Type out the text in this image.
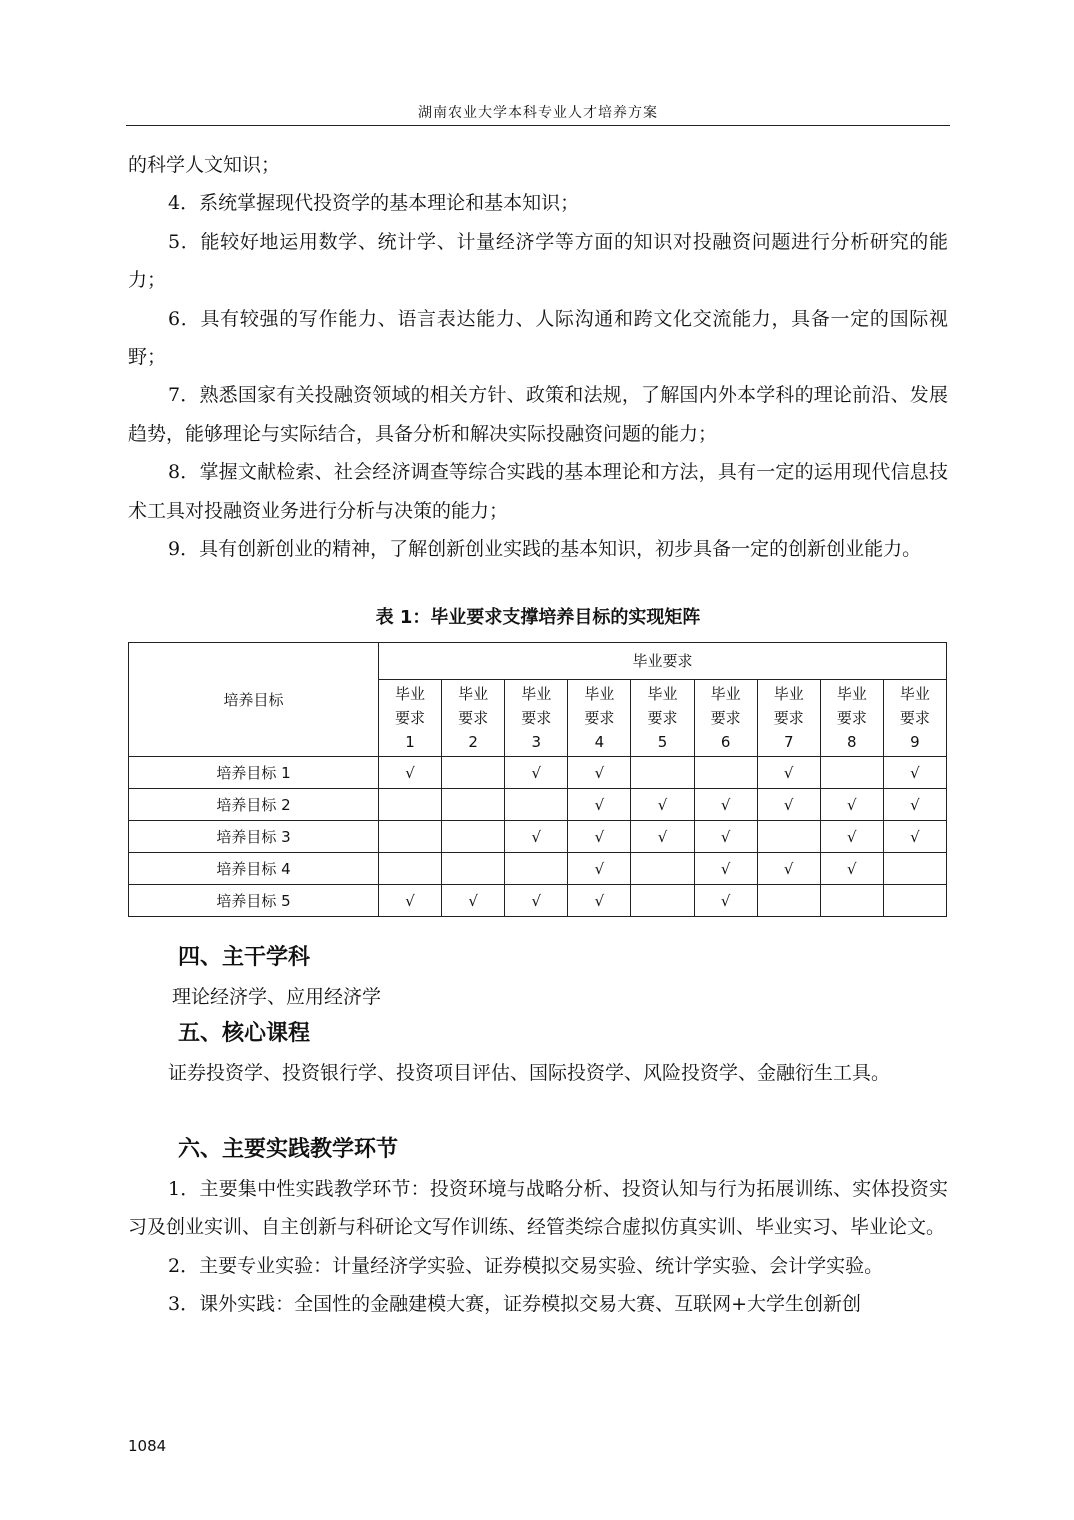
湖南农业大学本科专业人才培养方案

的科学人文知识；

4．系统掌握现代投资学的基本理论和基本知识；

5．能较好地运用数学、统计学、计量经济学等方面的知识对投融资问题进行分析研究的能力；

6．具有较强的写作能力、语言表达能力、人际沟通和跨文化交流能力，具备一定的国际视野；

7．熟悉国家有关投融资领域的相关方针、政策和法规，了解国内外本学科的理论前沿、发展趋势，能够理论与实际结合，具备分析和解决实际投融资问题的能力；

8．掌握文献检索、社会经济调查等综合实践的基本理论和方法，具有一定的运用现代信息技术工具对投融资业务进行分析与决策的能力；

9．具有创新创业的精神，了解创新创业实践的基本知识，初步具备一定的创新创业能力。

表 1：毕业要求支撑培养目标的实现矩阵
培养目标	毕业要求								
	毕业要求1	毕业要求2	毕业要求3	毕业要求4	毕业要求5	毕业要求6	毕业要求7	毕业要求8	毕业要求9
培养目标 1	√		√	√			√		√
培养目标 2				√	√	√	√	√	√
培养目标 3			√	√	√	√		√	√
培养目标 4				√		√	√	√	
培养目标 5	√	√	√	√		√			
四、主干学科

理论经济学、应用经济学

五、核心课程

证券投资学、投资银行学、投资项目评估、国际投资学、风险投资学、金融衍生工具。

六、主要实践教学环节

1．主要集中性实践教学环节：投资环境与战略分析、投资认知与行为拓展训练、实体投资实习及创业实训、自主创新与科研论文写作训练、经管类综合虚拟仿真实训、毕业实习、毕业论文。

2．主要专业实验：计量经济学实验、证券模拟交易实验、统计学实验、会计学实验。

3．课外实践：全国性的金融建模大赛，证券模拟交易大赛、互联网+大学生创新创

1084
